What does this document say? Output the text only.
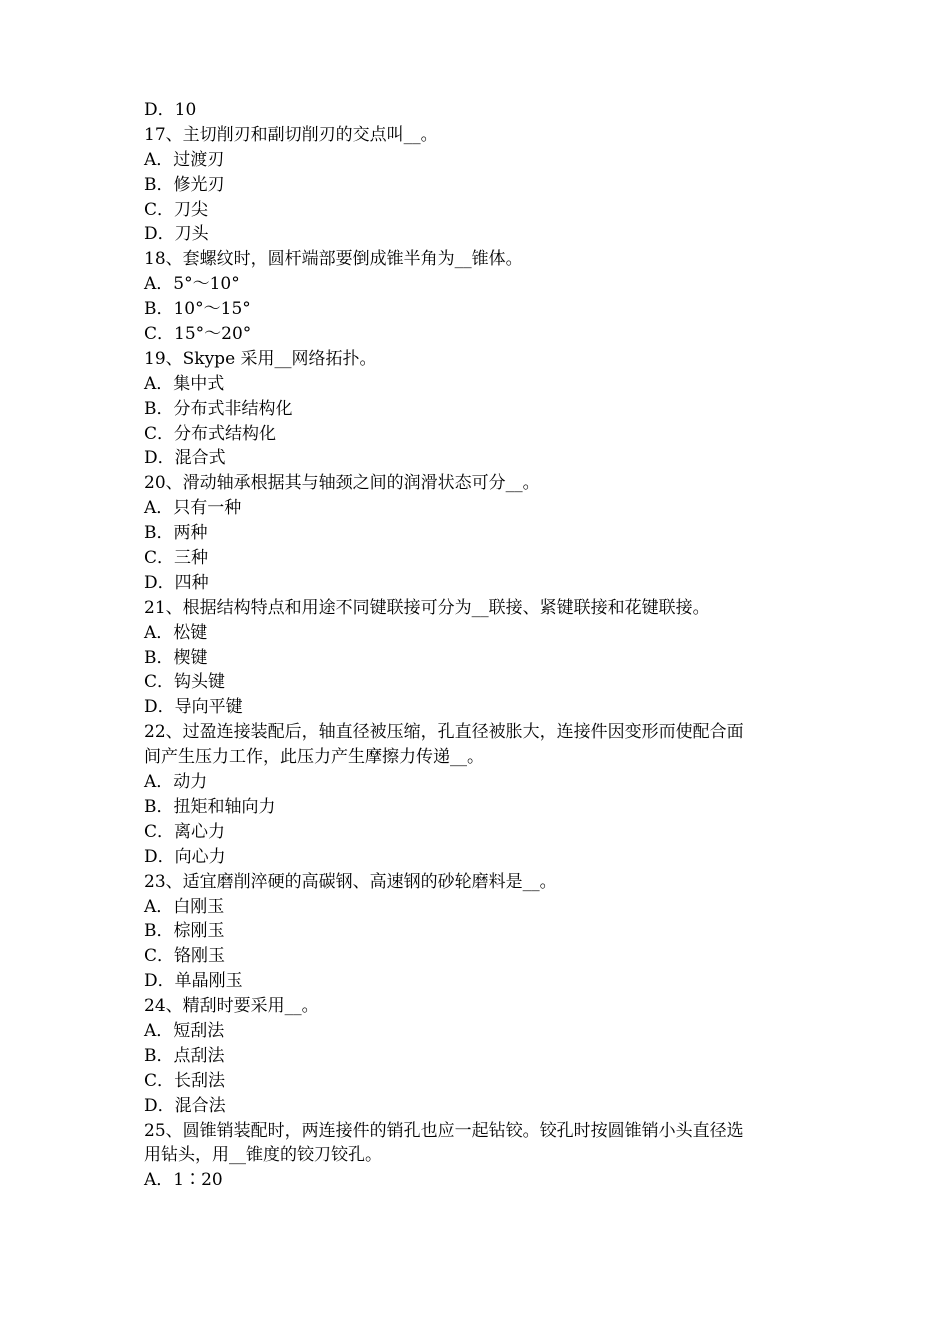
D．10
17、主切削刃和副切削刃的交点叫__。
A．过渡刃
B．修光刃
C．刀尖
D．刀头
18、套螺纹时，圆杆端部要倒成锥半角为__锥体。
A．5°～10°
B．10°～15°
C．15°～20°
19、Skype 采用__网络拓扑。
A．集中式
B．分布式非结构化
C．分布式结构化
D．混合式
20、滑动轴承根据其与轴颈之间的润滑状态可分__。
A．只有一种
B．两种
C．三种
D．四种
21、根据结构特点和用途不同键联接可分为__联接、紧键联接和花键联接。
A．松键
B．楔键
C．钩头键
D．导向平键
22、过盈连接装配后，轴直径被压缩，孔直径被胀大，连接件因变形而使配合面
间产生压力工作，此压力产生摩擦力传递__。
A．动力
B．扭矩和轴向力
C．离心力
D．向心力
23、适宜磨削淬硬的高碳钢、高速钢的砂轮磨料是__。
A．白刚玉
B．棕刚玉
C．铬刚玉
D．单晶刚玉
24、精刮时要采用__。
A．短刮法
B．点刮法
C．长刮法
D．混合法
25、圆锥销装配时，两连接件的销孔也应一起钻铰。铰孔时按圆锥销小头直径选
用钻头，用__锥度的铰刀铰孔。
A．1∶20
